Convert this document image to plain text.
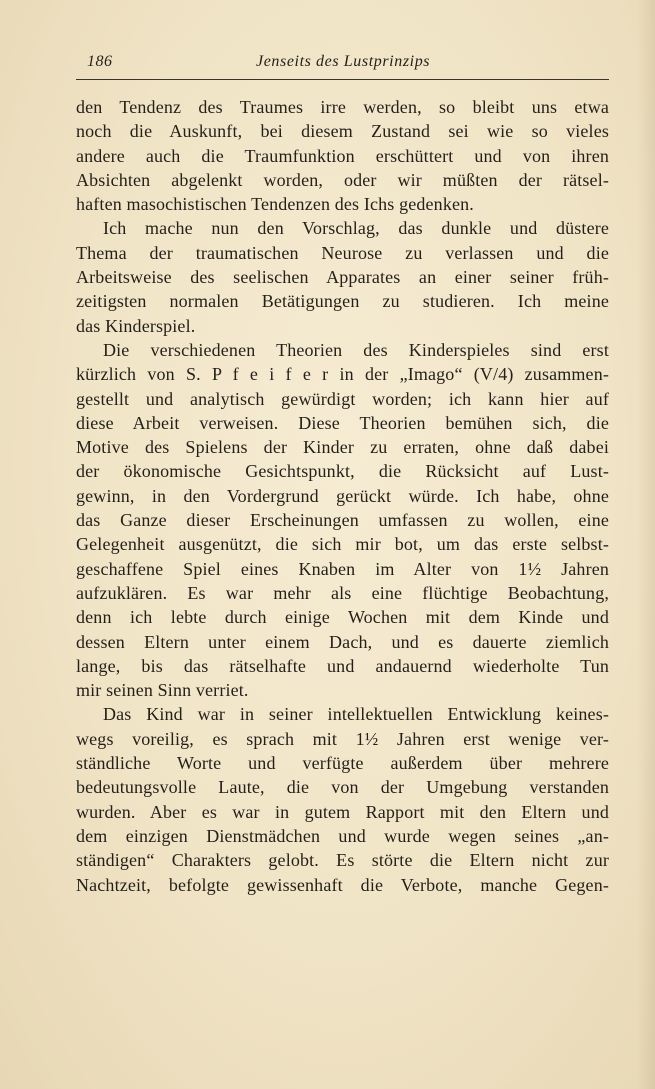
186	Jenseits des Lustprinzips
den Tendenz des Traumes irre werden, so bleibt uns etwa
noch die Auskunft, bei diesem Zustand sei wie so vieles
andere auch die Traumfunktion erschüttert und von ihren
Absichten abgelenkt worden, oder wir müßten der rätsel-
haften masochistischen Tendenzen des Ichs gedenken.
Ich mache nun den Vorschlag, das dunkle und düstere
Thema der traumatischen Neurose zu verlassen und die
Arbeitsweise des seelischen Apparates an einer seiner früh-
zeitigsten normalen Betätigungen zu studieren. Ich meine
das Kinderspiel.
Die verschiedenen Theorien des Kinderspieles sind erst
kürzlich von S. P f e i f e r in der „Imago“ (V/4) zusammen-
gestellt und analytisch gewürdigt worden; ich kann hier auf
diese Arbeit verweisen. Diese Theorien bemühen sich, die
Motive des Spielens der Kinder zu erraten, ohne daß dabei
der ökonomische Gesichtspunkt, die Rücksicht auf Lust-
gewinn, in den Vordergrund gerückt würde. Ich habe, ohne
das Ganze dieser Erscheinungen umfassen zu wollen, eine
Gelegenheit ausgenützt, die sich mir bot, um das erste selbst-
geschaffene Spiel eines Knaben im Alter von 1½ Jahren
aufzuklären. Es war mehr als eine flüchtige Beobachtung,
denn ich lebte durch einige Wochen mit dem Kinde und
dessen Eltern unter einem Dach, und es dauerte ziemlich
lange, bis das rätselhafte und andauernd wiederholte Tun
mir seinen Sinn verriet.
Das Kind war in seiner intellektuellen Entwicklung keines-
wegs voreilig, es sprach mit 1½ Jahren erst wenige ver-
ständliche Worte und verfügte außerdem über mehrere
bedeutungsvolle Laute, die von der Umgebung verstanden
wurden. Aber es war in gutem Rapport mit den Eltern und
dem einzigen Dienstmädchen und wurde wegen seines „an-
ständigen“ Charakters gelobt. Es störte die Eltern nicht zur
Nachtzeit, befolgte gewissenhaft die Verbote, manche Gegen-
